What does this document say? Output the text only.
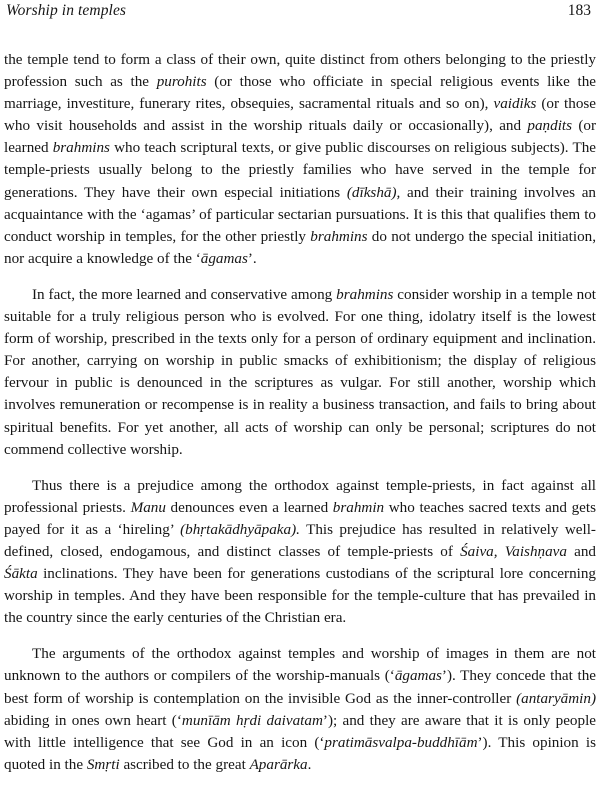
Worship in temples	183

the temple tend to form a class of their own, quite distinct from others belonging to the priestly profession such as the purohits (or those who officiate in special religious events like the marriage, investiture, funerary rites, obsequies, sacramental rituals and so on), vaidiks (or those who visit households and assist in the worship rituals daily or occasionally), and paṇdits (or learned brahmins who teach scriptural texts, or give public discourses on religious subjects). The temple-priests usually belong to the priestly families who have served in the temple for generations. They have their own especial initiations (dīkshā), and their training involves an acquaintance with the ‘agamas’ of particular sectarian pursuations. It is this that qualifies them to conduct worship in temples, for the other priestly brahmins do not undergo the special initiation, nor acquire a knowledge of the ‘āgamas’.

In fact, the more learned and conservative among brahmins consider worship in a temple not suitable for a truly religious person who is evolved. For one thing, idolatry itself is the lowest form of worship, prescribed in the texts only for a person of ordinary equipment and inclination. For another, carrying on worship in public smacks of exhibitionism; the display of religious fervour in public is denounced in the scriptures as vulgar. For still another, worship which involves remuneration or recompense is in reality a business transaction, and fails to bring about spiritual benefits. For yet another, all acts of worship can only be personal; scriptures do not commend collective worship.

Thus there is a prejudice among the orthodox against temple-priests, in fact against all professional priests. Manu denounces even a learned brahmin who teaches sacred texts and gets payed for it as a ‘hireling’ (bhṛtakādhyāpaka). This prejudice has resulted in relatively well-defined, closed, endogamous, and distinct classes of temple-priests of Śaiva, Vaishṇava and Śākta inclinations. They have been for generations custodians of the scriptural lore concerning worship in temples. And they have been responsible for the temple-culture that has prevailed in the country since the early centuries of the Christian era.

The arguments of the orthodox against temples and worship of images in them are not unknown to the authors or compilers of the worship-manuals (‘āgamas’). They concede that the best form of worship is contemplation on the invisible God as the inner-controller (antaryāmin) abiding in ones own heart (‘munīām hṛdi daivatam’); and they are aware that it is only people with little intelligence that see God in an icon (‘pratimāsvalpa-buddhīām’). This opinion is quoted in the Smṛti ascribed to the great Aparārka.
